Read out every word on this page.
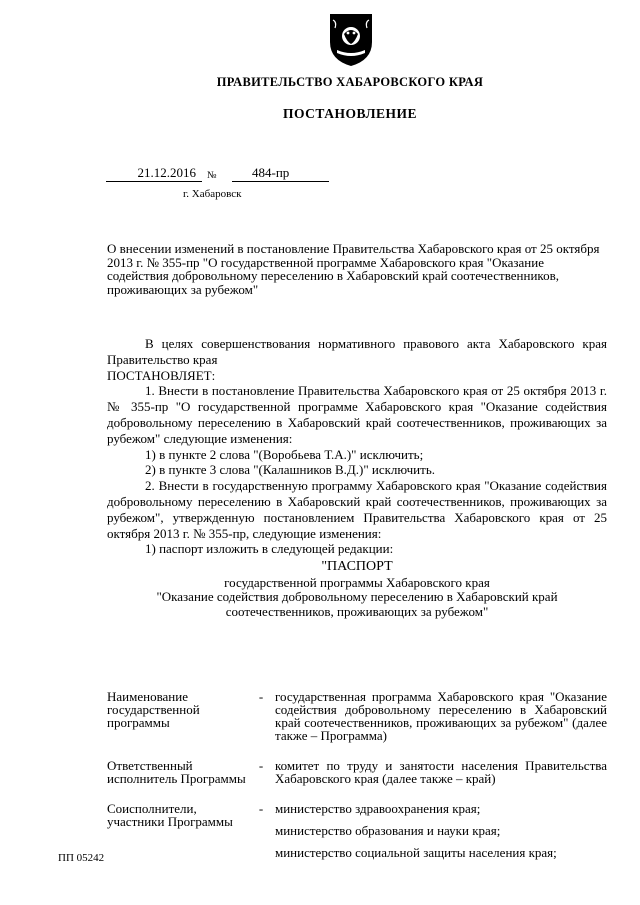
ПРАВИТЕЛЬСТВО ХАБАРОВСКОГО КРАЯ
ПОСТАНОВЛЕНИЕ
21.12.2016	№	484-пр
г. Хабаровск
О внесении изменений в постановление Правительства Хабаровского края от 25 октября 2013 г. № 355-пр "О государственной программе Хабаровского края "Оказание содействия добровольному переселению в Хабаровский край соотечественников, проживающих за рубежом"

В целях совершенствования нормативного правового акта Хабаровского края Правительство края

ПОСТАНОВЛЯЕТ:

1. Внести в постановление Правительства Хабаровского края от 25 октября 2013 г. № 355-пр "О государственной программе Хабаровского края "Оказание содействия добровольному переселению в Хабаровский край соотечественников, проживающих за рубежом" следующие изменения:

1) в пункте 2 слова "(Воробьева Т.А.)" исключить;

2) в пункте 3 слова "(Калашников В.Д.)" исключить.

2. Внести в государственную программу Хабаровского края "Оказание содействия добровольному переселению в Хабаровский край соотечественников, проживающих за рубежом", утвержденную постановлением Правительства Хабаровского края от 25 октября 2013 г. № 355-пр, следующие изменения:

1) паспорт изложить в следующей редакции:

"ПАСПОРТ

государственной программы Хабаровского края

"Оказание содействия добровольному переселению в Хабаровский край

соотечественников, проживающих за рубежом"

Наименование государственной программы
- государственная программа Хабаровского края "Оказание содействия добровольному переселению в Хабаровский край соотечественников, проживающих за рубежом" (далее также – Программа)
Ответственный исполнитель Программы
- комитет по труду и занятости населения Правительства Хабаровского края (далее также – край)
Соисполнители, участники Программы
- министерство здравоохранения края;
министерство образования и науки края;
министерство социальной защиты населения края;
ПП 05242
